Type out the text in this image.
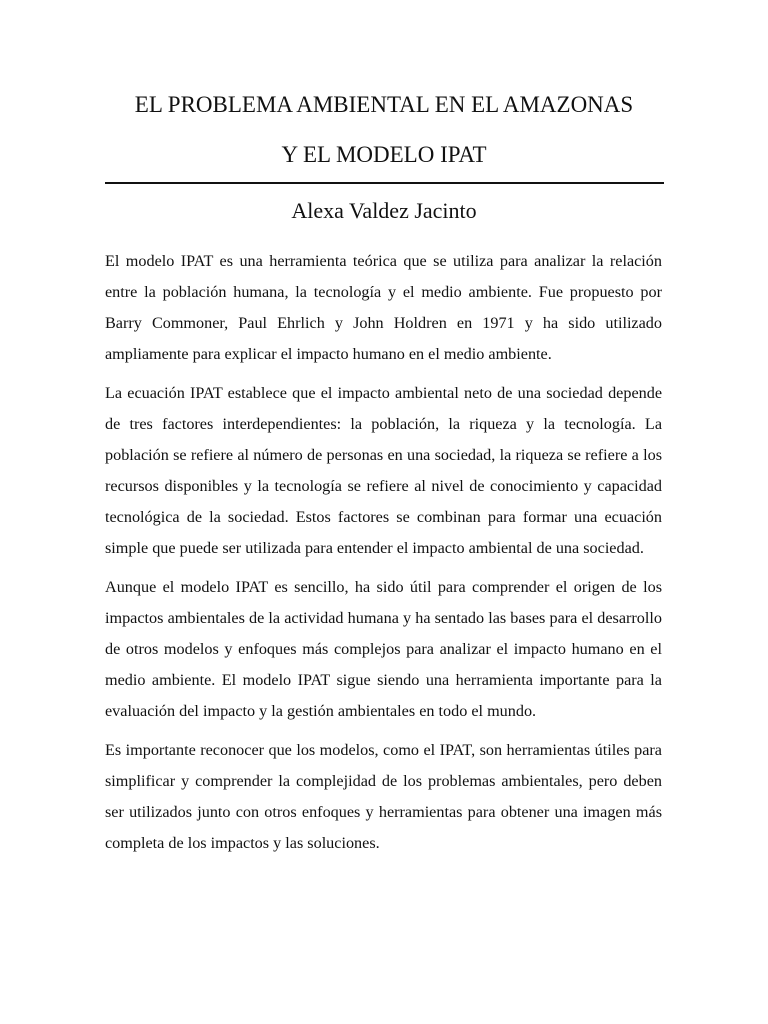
EL PROBLEMA AMBIENTAL EN EL AMAZONAS
Y EL MODELO IPAT
Alexa Valdez Jacinto

El modelo IPAT es una herramienta teórica que se utiliza para analizar la relación entre la población humana, la tecnología y el medio ambiente. Fue propuesto por Barry Commoner, Paul Ehrlich y John Holdren en 1971 y ha sido utilizado ampliamente para explicar el impacto humano en el medio ambiente.

La ecuación IPAT establece que el impacto ambiental neto de una sociedad depende de tres factores interdependientes: la población, la riqueza y la tecnología. La población se refiere al número de personas en una sociedad, la riqueza se refiere a los recursos disponibles y la tecnología se refiere al nivel de conocimiento y capacidad tecnológica de la sociedad. Estos factores se combinan para formar una ecuación simple que puede ser utilizada para entender el impacto ambiental de una sociedad.

Aunque el modelo IPAT es sencillo, ha sido útil para comprender el origen de los impactos ambientales de la actividad humana y ha sentado las bases para el desarrollo de otros modelos y enfoques más complejos para analizar el impacto humano en el medio ambiente. El modelo IPAT sigue siendo una herramienta importante para la evaluación del impacto y la gestión ambientales en todo el mundo.

Es importante reconocer que los modelos, como el IPAT, son herramientas útiles para simplificar y comprender la complejidad de los problemas ambientales, pero deben ser utilizados junto con otros enfoques y herramientas para obtener una imagen más completa de los impactos y las soluciones.
